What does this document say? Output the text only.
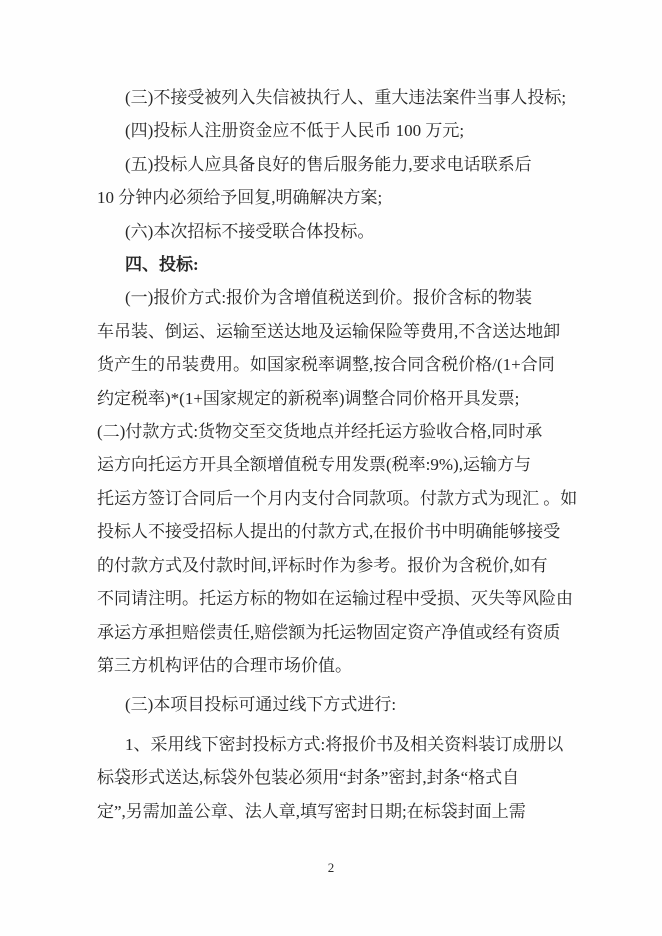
(三)不接受被列入失信被执行人、重大违法案件当事人投标;
(四)投标人注册资金应不低于人民币 100 万元;
(五)投标人应具备良好的售后服务能力,要求电话联系后
10 分钟内必须给予回复,明确解决方案;
(六)本次招标不接受联合体投标。
四、投标:
(一)报价方式:报价为含增值税送到价。报价含标的物装
车吊装、倒运、运输至送达地及运输保险等费用,不含送达地卸
货产生的吊装费用。如国家税率调整,按合同含税价格/(1+合同
约定税率)*(1+国家规定的新税率)调整合同价格开具发票;
(二)付款方式:货物交至交货地点并经托运方验收合格,同时承
运方向托运方开具全额增值税专用发票(税率:9%),运输方与
托运方签订合同后一个月内支付合同款项。付款方式为现汇 。如
投标人不接受招标人提出的付款方式,在报价书中明确能够接受
的付款方式及付款时间,评标时作为参考。报价为含税价,如有
不同请注明。托运方标的物如在运输过程中受损、灭失等风险由
承运方承担赔偿责任,赔偿额为托运物固定资产净值或经有资质
第三方机构评估的合理市场价值。
(三)本项目投标可通过线下方式进行:
1、采用线下密封投标方式:将报价书及相关资料装订成册以
标袋形式送达,标袋外包装必须用“封条”密封,封条“格式自
定”,另需加盖公章、法人章,填写密封日期;在标袋封面上需
2
